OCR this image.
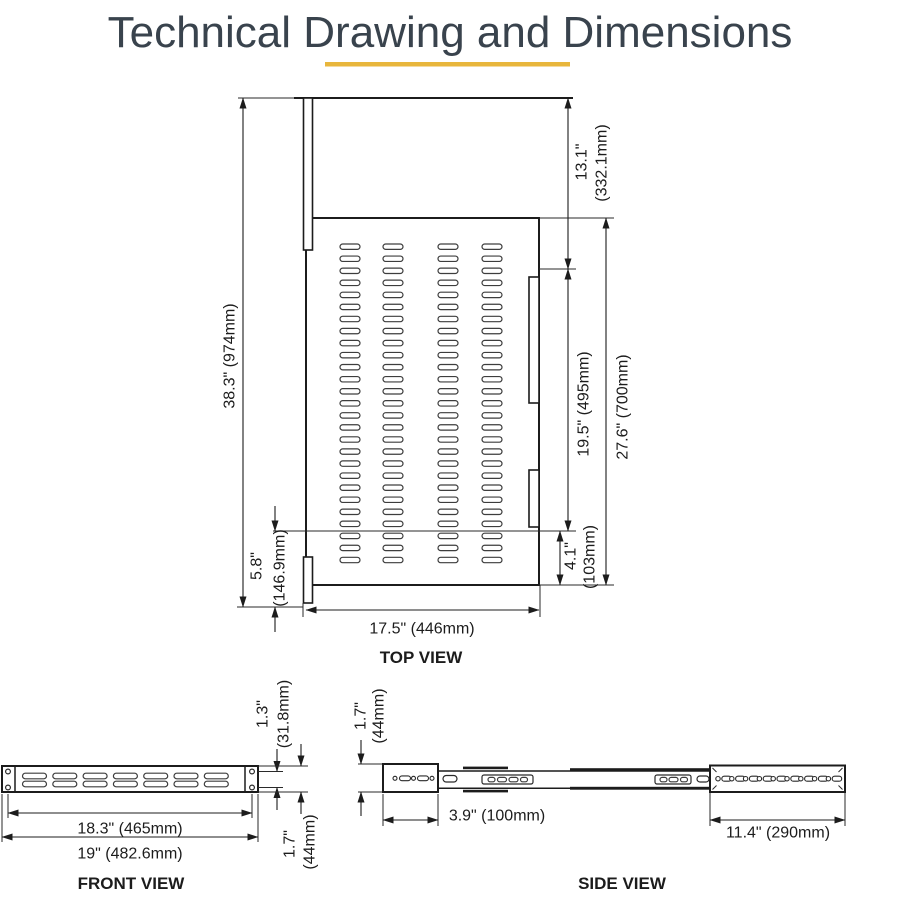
Technical Drawing and Dimensions
38.3" (974mm)
13.1" (332.1mm)
19.5" (495mm) 27.6" (700mm)
4.1" (103mm)
5.8" (146.9mm)
17.5" (446mm)
TOP VIEW
1.3" (31.8mm)
1.7" (44mm)
18.3" (465mm)
19" (482.6mm)
FRONT VIEW
1.7" (44mm)
3.9" (100mm)
11.4" (290mm)
SIDE VIEW
